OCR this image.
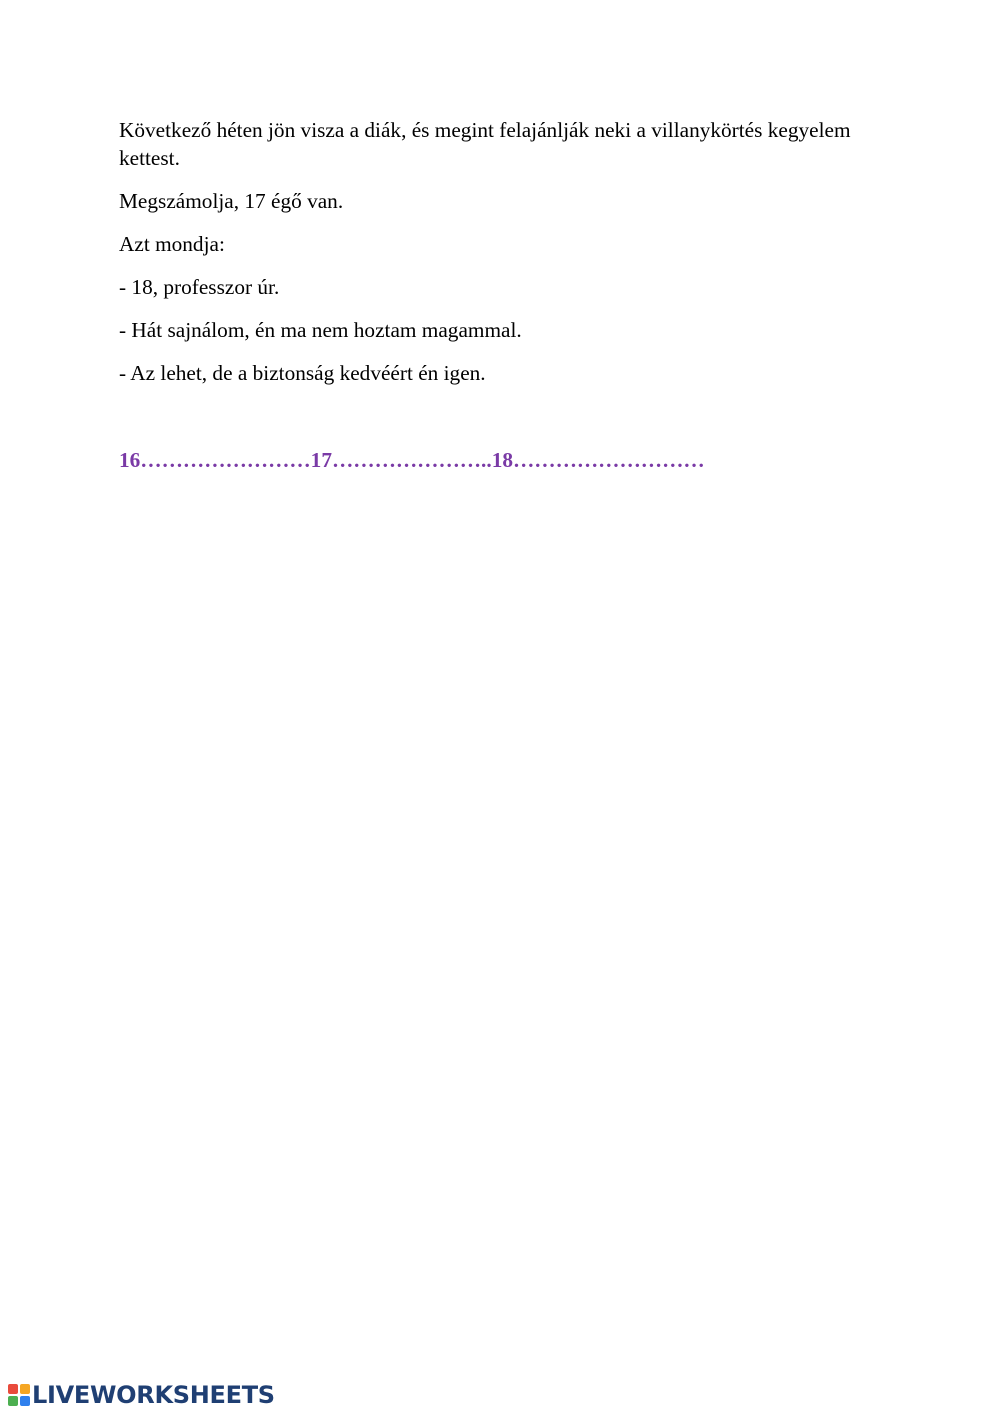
Következő héten jön visza a diák, és megint felajánlják neki a villanykörtés kegyelem kettest.

Megszámolja, 17 égő van.

Azt mondja:

- 18, professzor úr.

- Hát sajnálom, én ma nem hoztam magammal.

- Az lehet, de a biztonság kedvéért én igen.

16……………………17…………………..18………………………
LIVEWORKSHEETS
